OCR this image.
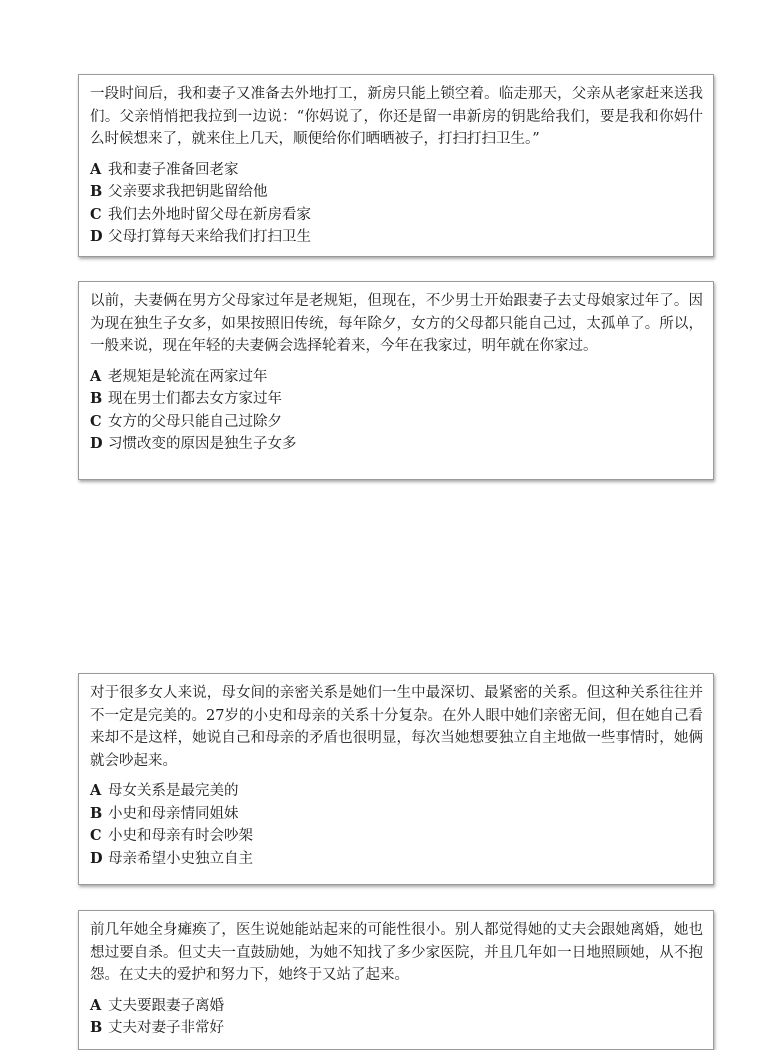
一段时间后，我和妻子又准备去外地打工，新房只能上锁空着。临走那天，父亲从老家赶来送我们。父亲悄悄把我拉到一边说：“你妈说了，你还是留一串新房的钥匙给我们，要是我和你妈什么时候想来了，就来住上几天，顺便给你们晒晒被子，打扫打扫卫生。”

A 我和妻子准备回老家
B 父亲要求我把钥匙留给他
C 我们去外地时留父母在新房看家
D 父母打算每天来给我们打扫卫生

以前，夫妻俩在男方父母家过年是老规矩，但现在，不少男士开始跟妻子去丈母娘家过年了。因为现在独生子女多，如果按照旧传统，每年除夕，女方的父母都只能自己过，太孤单了。所以，一般来说，现在年轻的夫妻俩会选择轮着来，今年在我家过，明年就在你家过。

A 老规矩是轮流在两家过年
B 现在男士们都去女方家过年
C 女方的父母只能自己过除夕
D 习惯改变的原因是独生子女多

对于很多女人来说，母女间的亲密关系是她们一生中最深切、最紧密的关系。但这种关系往往并不一定是完美的。27岁的小史和母亲的关系十分复杂。在外人眼中她们亲密无间，但在她自己看来却不是这样，她说自己和母亲的矛盾也很明显，每次当她想要独立自主地做一些事情时，她俩就会吵起来。

A 母女关系是最完美的
B 小史和母亲情同姐妹
C 小史和母亲有时会吵架
D 母亲希望小史独立自主

前几年她全身瘫痪了，医生说她能站起来的可能性很小。别人都觉得她的丈夫会跟她离婚，她也想过要自杀。但丈夫一直鼓励她，为她不知找了多少家医院，并且几年如一日地照顾她，从不抱怨。在丈夫的爱护和努力下，她终于又站了起来。

A 丈夫要跟妻子离婚
B 丈夫对妻子非常好
